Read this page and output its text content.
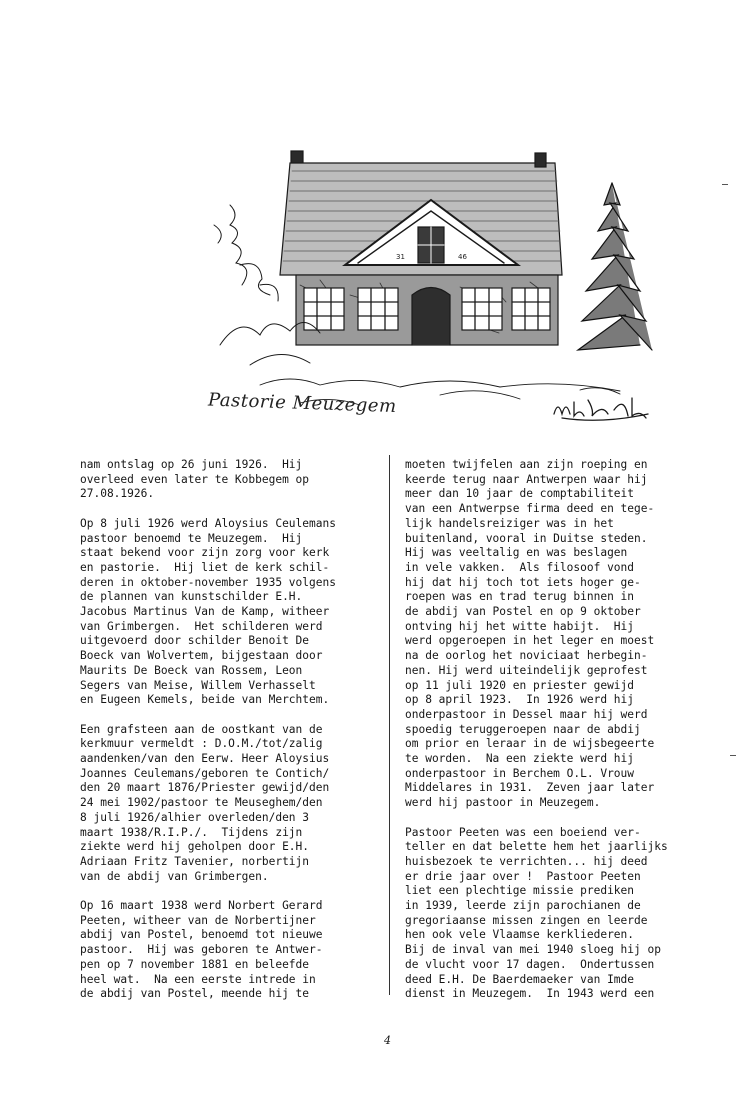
31	46
Pastorie Meuzegem

nam ontslag op 26 juni 1926.  Hij
overleed even later te Kobbegem op
27.08.1926.

Op 8 juli 1926 werd Aloysius Ceulemans
pastoor benoemd te Meuzegem.  Hij
staat bekend voor zijn zorg voor kerk
en pastorie.  Hij liet de kerk schil-
deren in oktober-november 1935 volgens
de plannen van kunstschilder E.H.
Jacobus Martinus Van de Kamp, witheer
van Grimbergen.  Het schilderen werd
uitgevoerd door schilder Benoit De
Boeck van Wolvertem, bijgestaan door
Maurits De Boeck van Rossem, Leon
Segers van Meise, Willem Verhasselt
en Eugeen Kemels, beide van Merchtem.

Een grafsteen aan de oostkant van de
kerkmuur vermeldt : D.O.M./tot/zalig
aandenken/van den Eerw. Heer Aloysius
Joannes Ceulemans/geboren te Contich/
den 20 maart 1876/Priester gewijd/den
24 mei 1902/pastoor te Meuseghem/den
8 juli 1926/alhier overleden/den 3
maart 1938/R.I.P./.  Tijdens zijn
ziekte werd hij geholpen door E.H.
Adriaan Fritz Tavenier, norbertijn
van de abdij van Grimbergen.

Op 16 maart 1938 werd Norbert Gerard
Peeten, witheer van de Norbertijner
abdij van Postel, benoemd tot nieuwe
pastoor.  Hij was geboren te Antwer-
pen op 7 november 1881 en beleefde
heel wat.  Na een eerste intrede in
de abdij van Postel, meende hij te

moeten twijfelen aan zijn roeping en
keerde terug naar Antwerpen waar hij
meer dan 10 jaar de comptabiliteit
van een Antwerpse firma deed en tege-
lijk handelsreiziger was in het
buitenland, vooral in Duitse steden.
Hij was veeltalig en was beslagen
in vele vakken.  Als filosoof vond
hij dat hij toch tot iets hoger ge-
roepen was en trad terug binnen in
de abdij van Postel en op 9 oktober
ontving hij het witte habijt.  Hij
werd opgeroepen in het leger en moest
na de oorlog het noviciaat herbegin-
nen. Hij werd uiteindelijk geprofest
op 11 juli 1920 en priester gewijd
op 8 april 1923.  In 1926 werd hij
onderpastoor in Dessel maar hij werd
spoedig teruggeroepen naar de abdij
om prior en leraar in de wijsbegeerte
te worden.  Na een ziekte werd hij
onderpastoor in Berchem O.L. Vrouw
Middelares in 1931.  Zeven jaar later
werd hij pastoor in Meuzegem.

Pastoor Peeten was een boeiend ver-
teller en dat belette hem het jaarlijks
huisbezoek te verrichten... hij deed
er drie jaar over !  Pastoor Peeten
liet een plechtige missie prediken
in 1939, leerde zijn parochianen de
gregoriaanse missen zingen en leerde
hen ook vele Vlaamse kerkliederen.
Bij de inval van mei 1940 sloeg hij op
de vlucht voor 17 dagen.  Ondertussen
deed E.H. De Baerdemaeker van Imde
dienst in Meuzegem.  In 1943 werd een

4
